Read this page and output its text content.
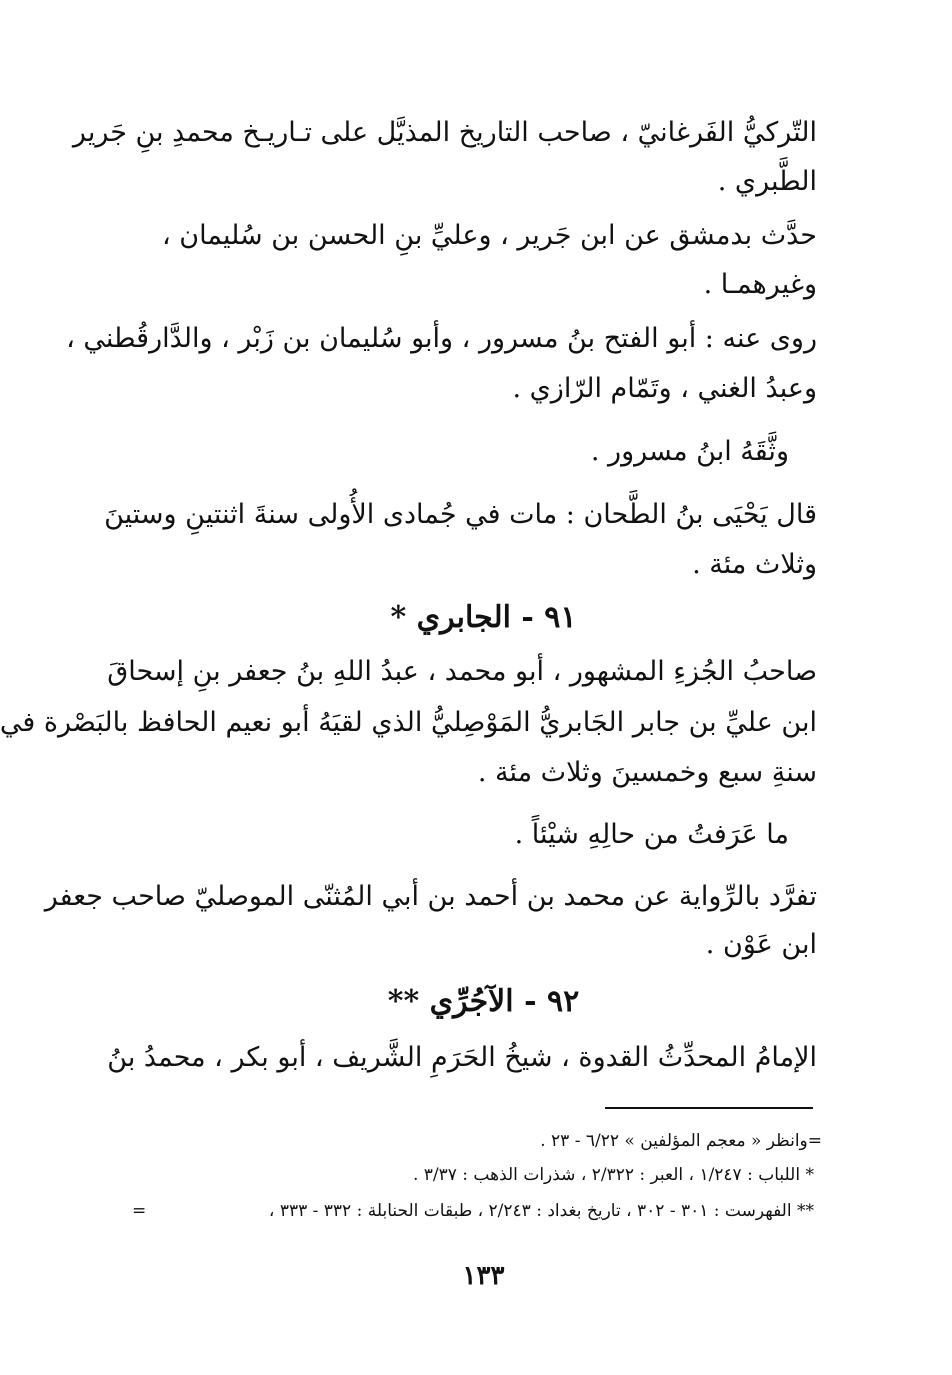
التّركيُّ الفَرغانيّ ، صاحب التاريخ المذيَّل على تـاريـخ محمدِ بنِ جَرير
الطَّبري .
حدَّث بدمشق عن ابن جَرير ، وعليِّ بنِ الحسن بن سُليمان ،
وغيرهمـا .
روى عنه : أبو الفتح بنُ مسرور ، وأبو سُليمان بن زَبْر ، والدَّارقُطني ،
وعبدُ الغني ، وتَمّام الرّازي .
وثَّقَهُ ابنُ مسرور .
قال يَحْيَى بنُ الطَّحان : مات في جُمادى الأُولى سنةَ اثنتينِ وستينَ
وثلاث مئة .
٩١ - الجابري *
صاحبُ الجُزءِ المشهور ، أبو محمد ، عبدُ اللهِ بنُ جعفر بنِ إسحاقَ
ابن عليِّ بن جابر الجَابريُّ المَوْصِليُّ الذي لقيَهُ أبو نعيم الحافظ بالبَصْرة في
سنةِ سبع وخمسينَ وثلاث مئة .
ما عَرَفتُ من حالِهِ شيْئاً .
تفرَّد بالرِّواية عن محمد بن أحمد بن أبي المُثنّى الموصليّ صاحب جعفر
ابن عَوْن .
٩٢ - الآجُرِّي **
الإمامُ المحدِّثُ القدوة ، شيخُ الحَرَمِ الشَّريف ، أبو بكر ، محمدُ بنُ
=وانظر « معجم المؤلفين » ٦/٢٢ - ٢٣ .
* اللباب : ١/٢٤٧ ، العبر : ٢/٣٢٢ ، شذرات الذهب : ٣/٣٧ .
** الفهرست : ٣٠١ - ٣٠٢ ، تاريخ بغداد : ٢/٢٤٣ ، طبقات الحنابلة : ٣٣٢ - ٣٣٣ ،
=
١٣٣
